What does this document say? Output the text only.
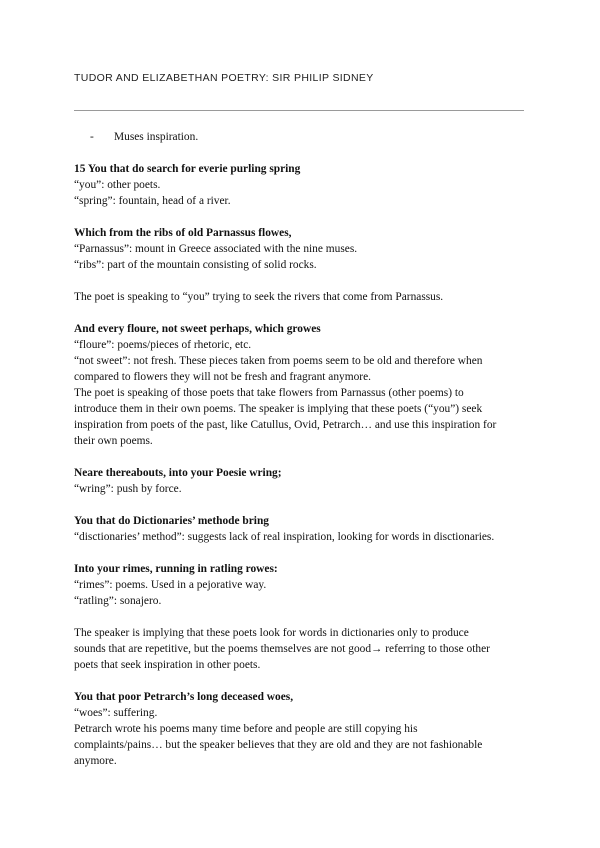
TUDOR AND ELIZABETHAN POETRY: SIR PHILIP SIDNEY
- Muses inspiration.
15 You that do search for everie purling spring
“you”: other poets.
“spring”: fountain, head of a river.
Which from the ribs of old Parnassus flowes,
“Parnassus”: mount in Greece associated with the nine muses.
“ribs”: part of the mountain consisting of solid rocks.
The poet is speaking to “you” trying to seek the rivers that come from Parnassus.
And every floure, not sweet perhaps, which growes
“floure”: poems/pieces of rhetoric, etc.
“not sweet”: not fresh. These pieces taken from poems seem to be old and therefore when
compared to flowers they will not be fresh and fragrant anymore.
The poet is speaking of those poets that take flowers from Parnassus (other poems) to
introduce them in their own poems. The speaker is implying that these poets (“you”) seek
inspiration from poets of the past, like Catullus, Ovid, Petrarch… and use this inspiration for
their own poems.
Neare thereabouts, into your Poesie wring;
“wring”: push by force.
You that do Dictionaries’ methode bring
“disctionaries’ method”: suggests lack of real inspiration, looking for words in disctionaries.
Into your rimes, running in ratling rowes:
“rimes”: poems. Used in a pejorative way.
“ratling”: sonajero.
The speaker is implying that these poets look for words in dictionaries only to produce
sounds that are repetitive, but the poems themselves are not good→ referring to those other
poets that seek inspiration in other poets.
You that poor Petrarch’s long deceased woes,
“woes”: suffering.
Petrarch wrote his poems many time before and people are still copying his
complaints/pains… but the speaker believes that they are old and they are not fashionable
anymore.
